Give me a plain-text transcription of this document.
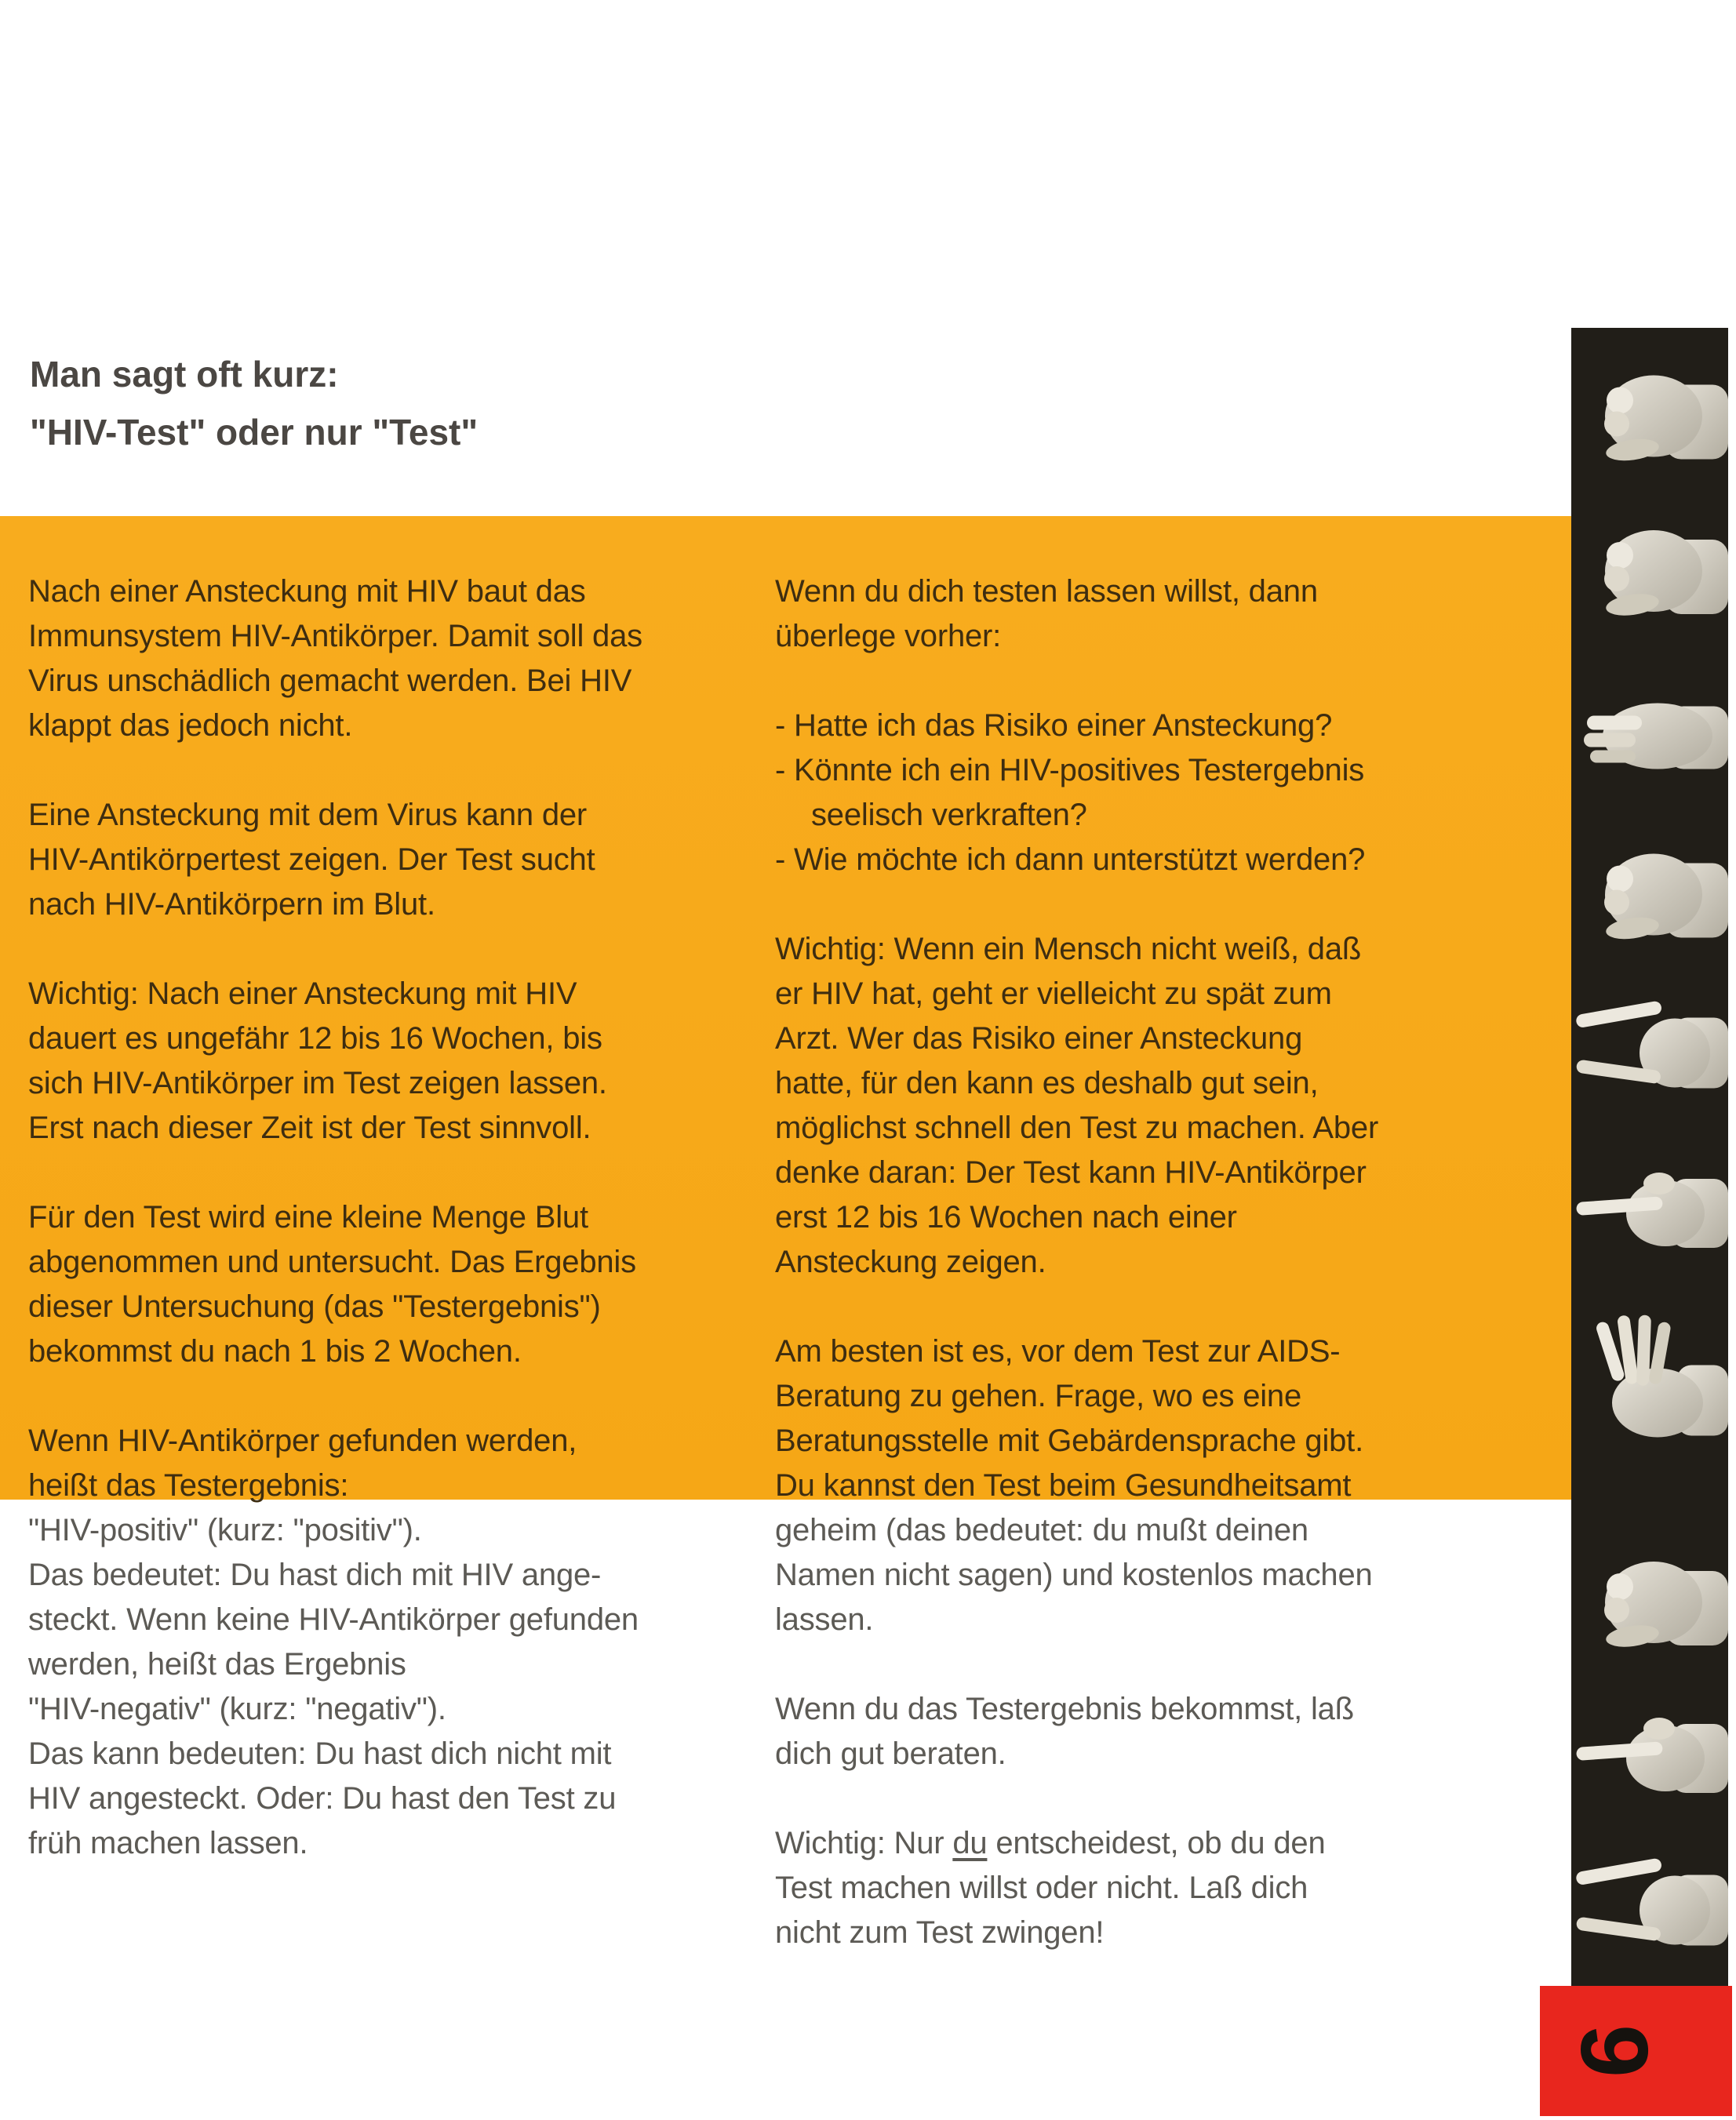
Man sagt oft kurz:
"HIV-Test" oder nur "Test"
Nach einer Ansteckung mit HIV baut das
Immunsystem HIV-Antikörper. Damit soll das
Virus unschädlich gemacht werden. Bei HIV
klappt das jedoch nicht.
Eine Ansteckung mit dem Virus kann der
HIV-Antikörpertest zeigen. Der Test sucht
nach HIV-Antikörpern im Blut.
Wichtig: Nach einer Ansteckung mit HIV
dauert es ungefähr 12 bis 16 Wochen, bis
sich HIV-Antikörper im Test zeigen lassen.
Erst nach dieser Zeit ist der Test sinnvoll.
Für den Test wird eine kleine Menge Blut
abgenommen und untersucht. Das Ergebnis
dieser Untersuchung (das "Testergebnis")
bekommst du nach 1 bis 2 Wochen.
Wenn HIV-Antikörper gefunden werden,
heißt das Testergebnis:
"HIV-positiv" (kurz: "positiv").
Das bedeutet: Du hast dich mit HIV ange-
steckt. Wenn keine HIV-Antikörper gefunden
werden, heißt das Ergebnis
"HIV-negativ" (kurz: "negativ").
Das kann bedeuten: Du hast dich nicht mit
HIV angesteckt. Oder: Du hast den Test zu
früh machen lassen.
Wenn du dich testen lassen willst, dann
überlege vorher:
- Hatte ich das Risiko einer Ansteckung?
- Könnte ich ein HIV-positives Testergebnis
seelisch verkraften?
- Wie möchte ich dann unterstützt werden?
Wichtig: Wenn ein Mensch nicht weiß, daß
er HIV hat, geht er vielleicht zu spät zum
Arzt. Wer das Risiko einer Ansteckung
hatte, für den kann es deshalb gut sein,
möglichst schnell den Test zu machen. Aber
denke daran: Der Test kann HIV-Antikörper
erst 12 bis 16 Wochen nach einer
Ansteckung zeigen.
Am besten ist es, vor dem Test zur AIDS-
Beratung zu gehen. Frage, wo es eine
Beratungsstelle mit Gebärdensprache gibt.
Du kannst den Test beim Gesundheitsamt
geheim (das bedeutet: du mußt deinen
Namen nicht sagen) und kostenlos machen
lassen.
Wenn du das Testergebnis bekommst, laß
dich gut beraten.
Wichtig: Nur du entscheidest, ob du den
Test machen willst oder nicht. Laß dich
nicht zum Test zwingen!
9
